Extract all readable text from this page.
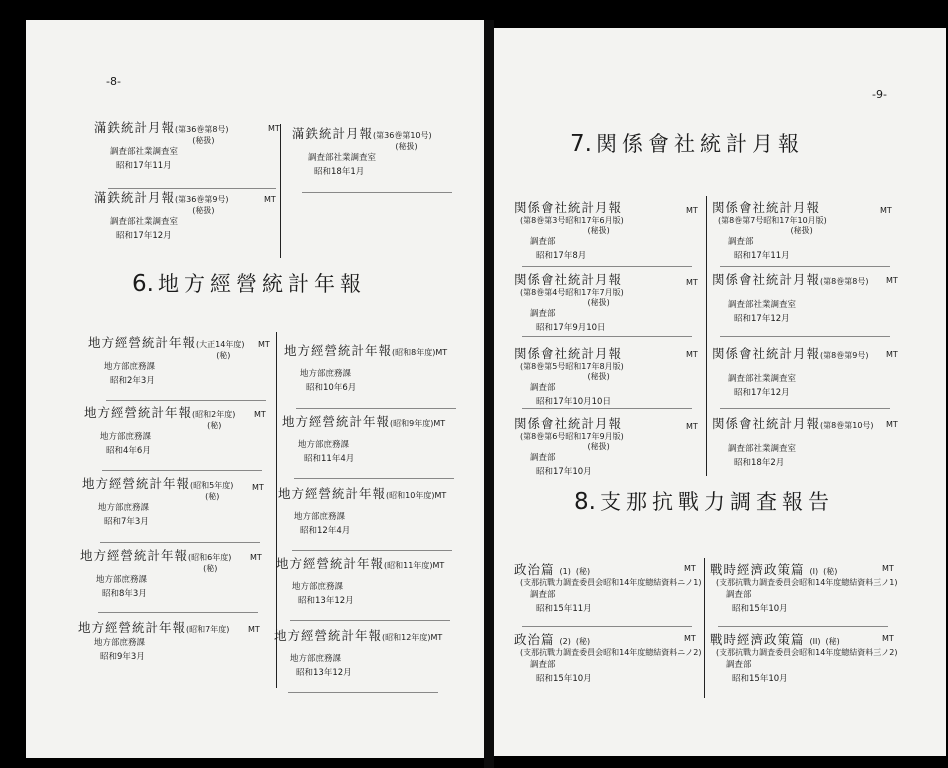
-8-
滿鉄統計月報(第36巻第8号)
(秘扱)
調査部社業調査室
昭和17年11月
MT
滿鉄統計月報(第36巻第9号)
(秘扱)
調査部社業調査室
昭和17年12月
MT
滿鉄統計月報(第36巻第10号)
(秘扱)
調査部社業調査室
昭和18年1月
6. 地方經營統計年報
地方經營統計年報(大正14年度)
(秘)
地方部庶務課
昭和2年3月
MT
地方經營統計年報(昭和2年度)
(秘)
地方部庶務課
昭和4年6月
MT
地方經營統計年報(昭和5年度)
(秘)
地方部庶務課
昭和7年3月
MT
地方經營統計年報(昭和6年度)
(秘)
地方部庶務課
昭和8年3月
MT
地方經營統計年報(昭和7年度)
地方部庶務課
昭和9年3月
MT
地方經營統計年報(昭和8年度)MT
地方部庶務課
昭和10年6月
地方經營統計年報(昭和9年度)MT
地方部庶務課
昭和11年4月
地方經營統計年報(昭和10年度)MT
地方部庶務課
昭和12年4月
地方經營統計年報(昭和11年度)MT
地方部庶務課
昭和13年12月
地方經營統計年報(昭和12年度)MT
地方部庶務課
昭和13年12月
-9-
7. 関係會社統計月報
関係會社統計月報
(第8巻第3号昭和17年6月版)
(秘扱)
調査部
昭和17年8月
MT
関係會社統計月報
(第8巻第4号昭和17年7月版)
(秘扱)
調査部
昭和17年9月10日
MT
関係會社統計月報
(第8巻第5号昭和17年8月版)
(秘扱)
調査部
昭和17年10月10日
MT
関係會社統計月報
(第8巻第6号昭和17年9月版)
(秘扱)
調査部
昭和17年10月
MT
関係會社統計月報
(第8巻第7号昭和17年10月版)
(秘扱)
調査部
昭和17年11月
MT
関係會社統計月報(第8巻第8号)
調査部社業調査室
昭和17年12月
MT
関係會社統計月報(第8巻第9号)
調査部社業調査室
昭和17年12月
MT
関係會社統計月報(第8巻第10号)
調査部社業調査室
昭和18年2月
MT
8. 支那抗戰力調査報告
政治篇 (1) (秘)
(支那抗戰力調査委員会昭和14年度總結資料ニノ1)
調査部
昭和15年11月
MT
政治篇 (2) (秘)
(支那抗戰力調査委員会昭和14年度總結資料ニノ2)
調査部
昭和15年10月
MT
戰時經濟政策篇 (I) (秘)
(支那抗戰力調査委員会昭和14年度總結資料三ノ1)
調査部
昭和15年10月
MT
戰時經濟政策篇 (II) (秘)
(支那抗戰力調査委員会昭和14年度總結資料三ノ2)
調査部
昭和15年10月
MT
